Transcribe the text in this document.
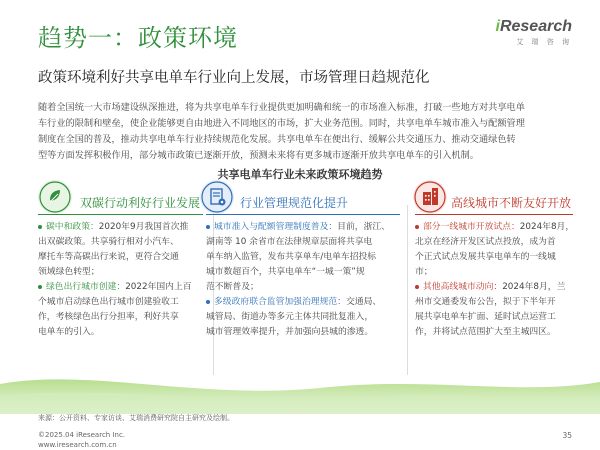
趋势一：政策环境	iResearch
艾 瑞 咨 询
政策环境利好共享电单车行业向上发展，市场管理日趋规范化
随着全国统一大市场建设纵深推进，将为共享电单车行业提供更加明确和统一的市场准入标准，打破一些地方对共享电单
车行业的限制和壁垒，使企业能够更自由地进入不同地区的市场，扩大业务范围。同时，共享电单车城市准入与配额管理
制度在全国的普及，推动共享电单车行业持续规范化发展。共享电单车在便出行、缓解公共交通压力、推动交通绿色转
型等方面发挥积极作用，部分城市政策已逐渐开放，预测未来将有更多城市逐渐开放共享电单车的引入机制。
共享电单车行业未来政策环境趋势
双碳行动利好行业发展
碳中和政策：2020年9月我国首次推
出双碳政策。共享骑行相对小汽车、
摩托车等高碳出行来说，更符合交通
领域绿色转型；
绿色出行城市创建：2022年国内上百
个城市启动绿色出行城市创建验收工
作，考核绿色出行分担率，利好共享
电单车的引入。
行业管理规范化提升
城市准入与配额管理制度普及：目前，浙江、
湖南等 10 余省市在法律规章层面将共享电
单车纳入监管，发布共享单车/电单车招投标
城市数超百个，共享电单车“一城一策”规
范不断普及；
多级政府联合监管加强治理规范：交通局、
城管局、街道办等多元主体共同批复准入，
城市管理效率提升，并加强向县城的渗透。
高线城市不断友好开放
部分一线城市开放试点：2024年8月，
北京在经济开发区试点投放，成为首
个正式试点发展共享电单车的一线城
市；
其他高线城市动向：2024年8月，兰
州市交通委发布公告，拟于下半年开
展共享电单车扩面、延时试点运营工
作，并将试点范围扩大至主城四区。
来源：公开资料、专家访谈、艾瑞消费研究院自主研究及绘制。
©2025.04 iResearch Inc.
www.iresearch.com.cn
35
